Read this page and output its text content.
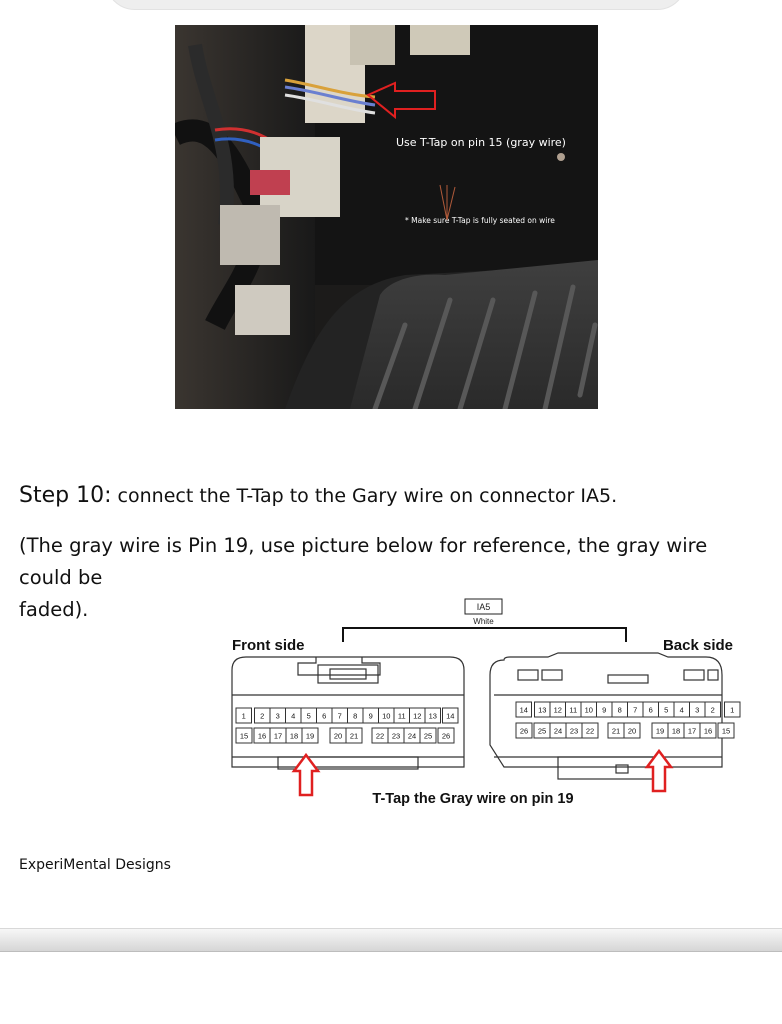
Use T-Tap on pin 15 (gray wire)
* Make sure T-Tap is fully seated on wire
Step 10: connect the T-Tap to the Gary wire on connector IA5.
(The gray wire is Pin 19, use picture below for reference, the gray wire
could be
faded).	IA5
White
Front side	Back side
1 2 3 4 5 6 7 8 9 10 11 12 13 14
15 16 17 18 19	20 21 22 23 24 25 26
14 13 12 11 10 9 8 7 6 5 4 3 2 1
26 25 24 23 22 21 20	19 18 17 16 15
T-Tap the Gray wire on pin 19
ExperiMental Designs
